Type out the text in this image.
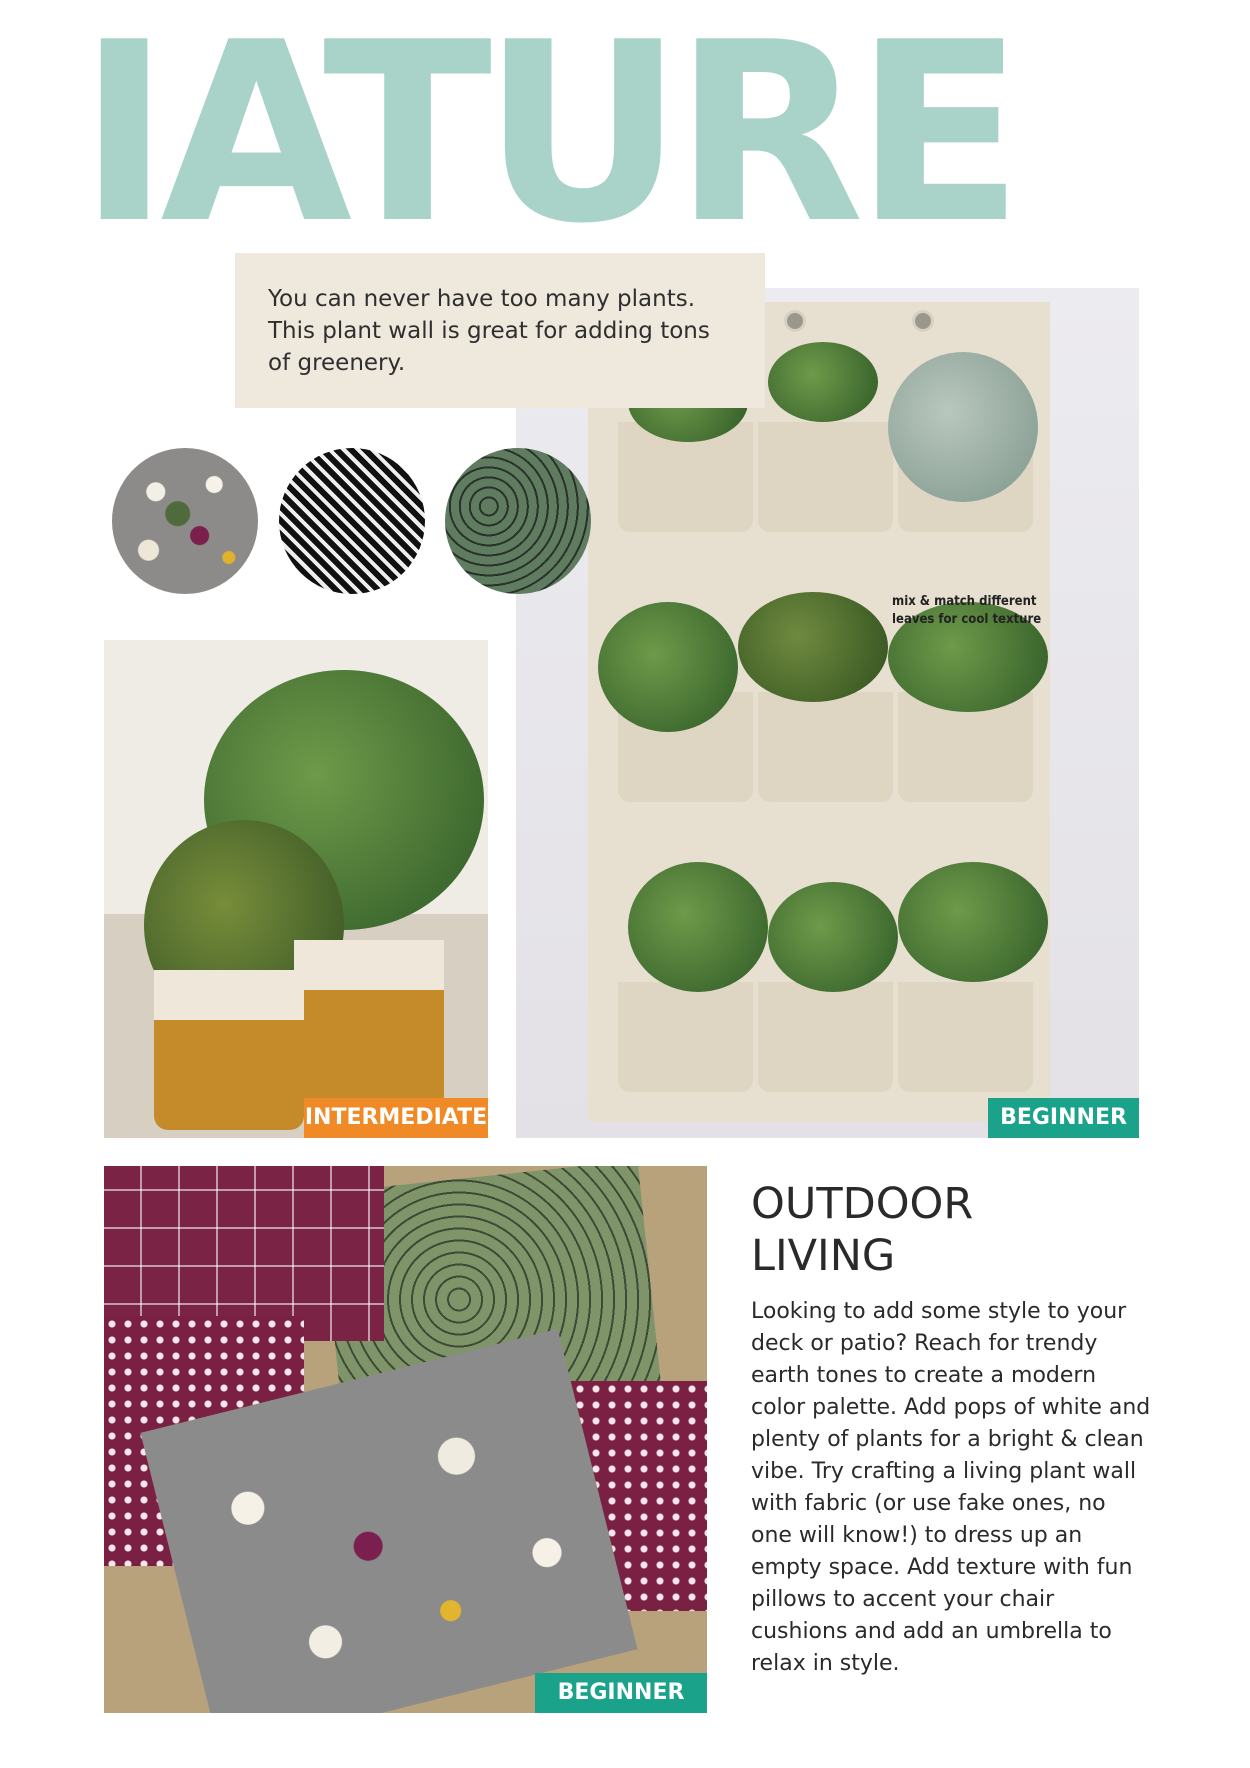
IATURE
mix & match different
leaves for cool texture

You can never have too many plants. This plant wall is great for adding tons of greenery.

INTERMEDIATE	BEGINNER
BEGINNER
OUTDOOR
LIVING

Looking to add some style to your deck or patio? Reach for trendy earth tones to create a modern color palette. Add pops of white and plenty of plants for a bright & clean vibe. Try crafting a living plant wall with fabric (or use fake ones, no one will know!) to dress up an empty space. Add texture with fun pillows to accent your chair cushions and add an umbrella to relax in style.
